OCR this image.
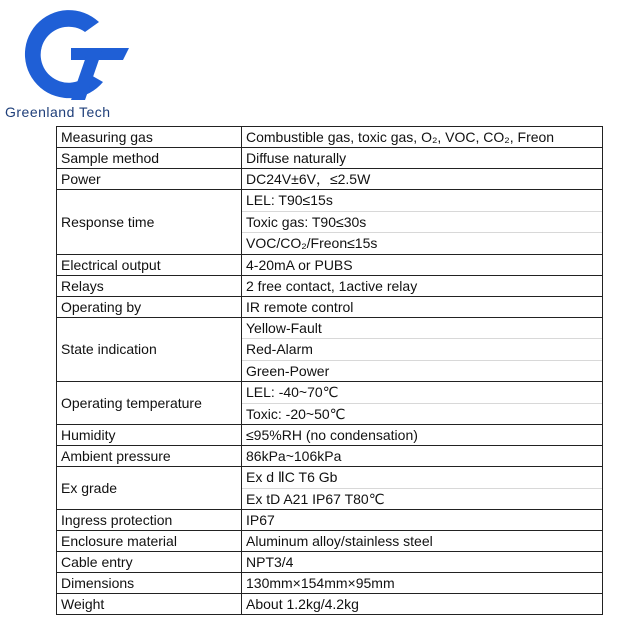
Greenland Tech
Measuring gas	Combustible gas, toxic gas, O₂, VOC, CO₂, Freon
Sample method	Diffuse naturally
Power	DC24V±6V，≤2.5W
Response time	LEL: T90≤15s
Toxic gas: T90≤30s
VOC/CO₂/Freon≤15s

Electrical output	4-20mA or PUBS
Relays	2 free contact, 1active relay
Operating by	IR remote control
State indication	Yellow-Fault
Red-Alarm
Green-Power

Operating temperature	LEL: -40~70℃
Toxic: -20~50℃

Humidity	≤95%RH (no condensation)
Ambient pressure	86kPa~106kPa
Ex grade	Ex d ⅡC T6 Gb
Ex tD A21 IP67 T80℃

Ingress protection	IP67
Enclosure material	Aluminum alloy/stainless steel
Cable entry	NPT3/4
Dimensions	130mm×154mm×95mm
Weight	About 1.2kg/4.2kg
